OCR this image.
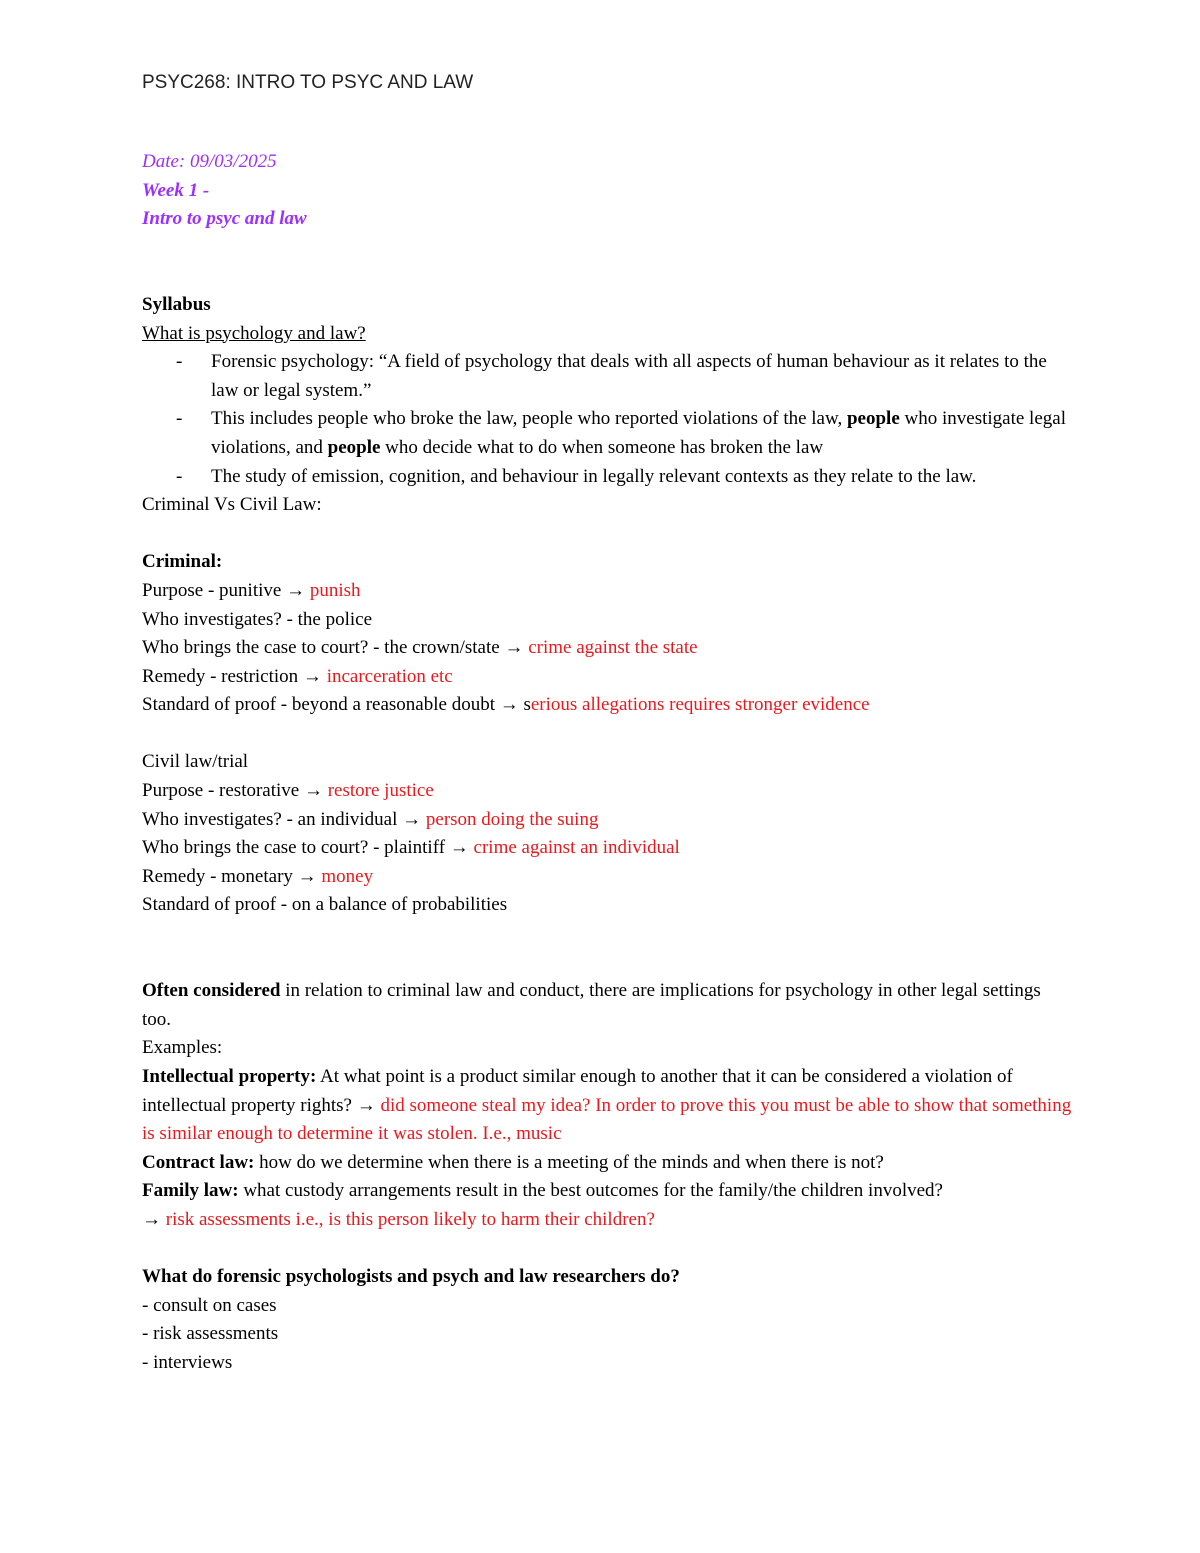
PSYC268: INTRO TO PSYC AND LAW

Date: 09/03/2025

Week 1 -

Intro to psyc and law

Syllabus

What is psychology and law?

- Forensic psychology: “A field of psychology that deals with all aspects of human behaviour as it relates to the law or legal system.”
- This includes people who broke the law, people who reported violations of the law, people who investigate legal violations, and people who decide what to do when someone has broken the law
- The study of emission, cognition, and behaviour in legally relevant contexts as they relate to the law.

Criminal Vs Civil Law:

Criminal:

Purpose - punitive → punish

Who investigates? - the police

Who brings the case to court? - the crown/state → crime against the state

Remedy - restriction → incarceration etc

Standard of proof - beyond a reasonable doubt → serious allegations requires stronger evidence

Civil law/trial

Purpose - restorative → restore justice

Who investigates? - an individual → person doing the suing

Who brings the case to court? - plaintiff → crime against an individual

Remedy - monetary → money

Standard of proof - on a balance of probabilities

Often considered in relation to criminal law and conduct, there are implications for psychology in other legal settings too.

Examples:

Intellectual property: At what point is a product similar enough to another that it can be considered a violation of intellectual property rights? → did someone steal my idea? In order to prove this you must be able to show that something is similar enough to determine it was stolen. I.e., music

Contract law: how do we determine when there is a meeting of the minds and when there is not?

Family law: what custody arrangements result in the best outcomes for the family/the children involved?
→ risk assessments i.e., is this person likely to harm their children?

What do forensic psychologists and psych and law researchers do?

- consult on cases

- risk assessments

- interviews
